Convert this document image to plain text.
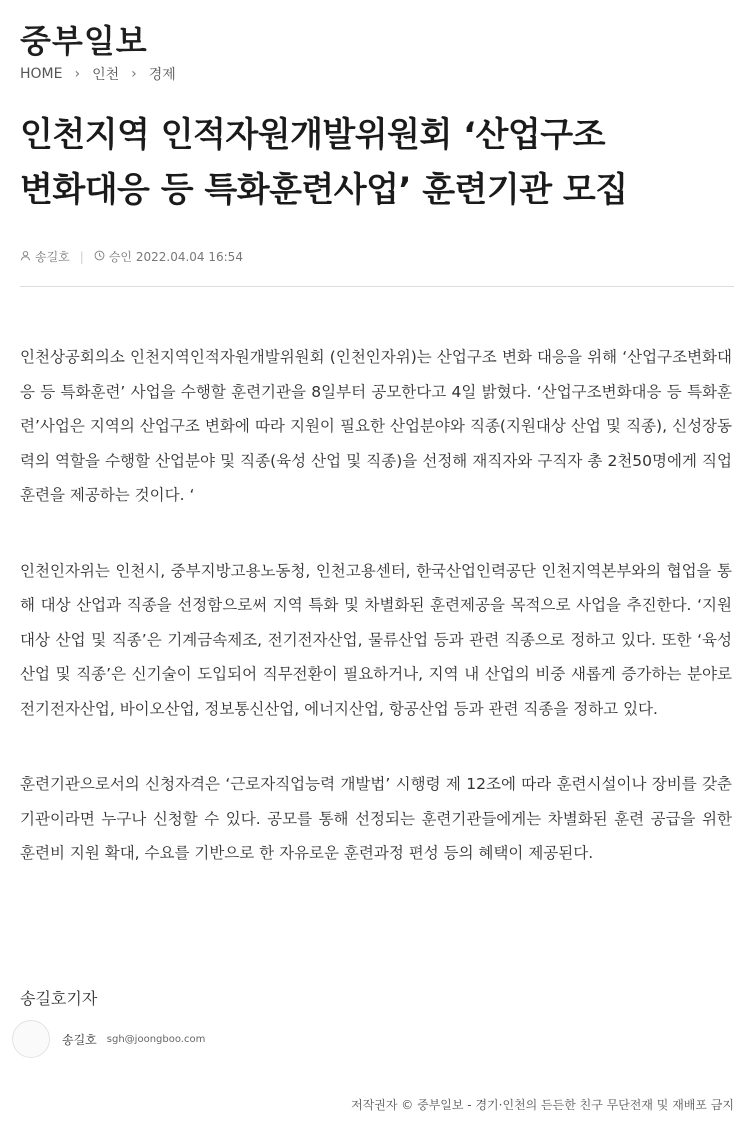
중부일보
HOME › 인천 › 경제
인천지역 인적자원개발위원회 ‘산업구조
변화대응 등 특화훈련사업’ 훈련기관 모집
송길호 | 승인
2022.04.04 16:54

인천상공회의소 인천지역인적자원개발위원회 (인천인자위)는 산업구조 변화 대응을 위해 ‘산업구조변화대응 등 특화훈련’ 사업을 수행할 훈련기관을 8일부터 공모한다고 4일 밝혔다. ‘산업구조변화대응 등 특화훈련’사업은 지역의 산업구조 변화에 따라 지원이 필요한 산업분야와 직종(지원대상 산업 및 직종), 신성장동력의 역할을 수행할 산업분야 및 직종(육성 산업 및 직종)을 선정해 재직자와 구직자 총 2천50명에게 직업훈련을 제공하는 것이다. ‘

인천인자위는 인천시, 중부지방고용노동청, 인천고용센터, 한국산업인력공단 인천지역본부와의 협업을 통해 대상 산업과 직종을 선정함으로써 지역 특화 및 차별화된 훈련제공을 목적으로 사업을 추진한다. ‘지원대상 산업 및 직종’은 기계금속제조, 전기전자산업, 물류산업 등과 관련 직종으로 정하고 있다. 또한 ‘육성 산업 및 직종’은 신기술이 도입되어 직무전환이 필요하거나, 지역 내 산업의 비중 새롭게 증가하는 분야로 전기전자산업, 바이오산업, 정보통신산업, 에너지산업, 항공산업 등과 관련 직종을 정하고 있다.

훈련기관으로서의 신청자격은 ‘근로자직업능력 개발법’ 시행령 제 12조에 따라 훈련시설이나 장비를 갖춘 기관이라면 누구나 신청할 수 있다. 공모를 통해 선정되는 훈련기관들에게는 차별화된 훈련 공급을 위한 훈련비 지원 확대, 수요를 기반으로 한 자유로운 훈련과정 편성 등의 혜택이 제공된다.

송길호기자
송길호 sgh@joongboo.com
저작권자 © 중부일보 - 경기·인천의 든든한 친구 무단전재 및 재배포 금지
